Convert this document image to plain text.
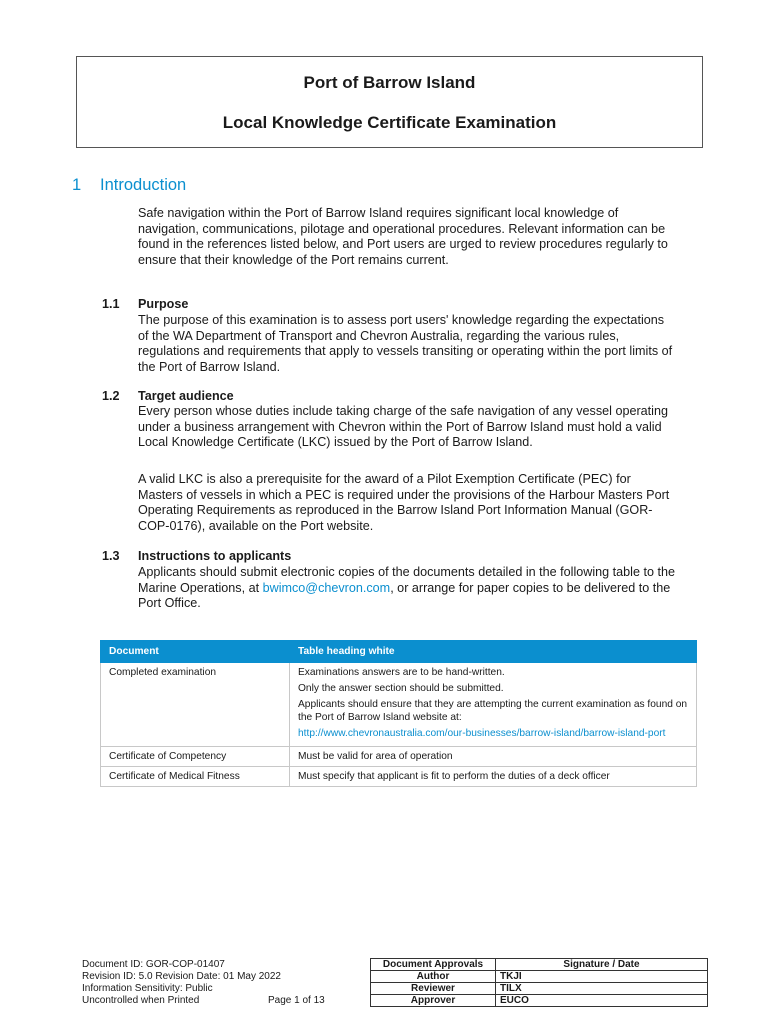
Port of Barrow Island
Local Knowledge Certificate Examination
1 Introduction
Safe navigation within the Port of Barrow Island requires significant local knowledge of navigation, communications, pilotage and operational procedures. Relevant information can be found in the references listed below, and Port users are urged to review procedures regularly to ensure that their knowledge of the Port remains current.
1.1 Purpose
The purpose of this examination is to assess port users' knowledge regarding the expectations of the WA Department of Transport and Chevron Australia, regarding the various rules, regulations and requirements that apply to vessels transiting or operating within the port limits of the Port of Barrow Island.
1.2 Target audience
Every person whose duties include taking charge of the safe navigation of any vessel operating under a business arrangement with Chevron within the Port of Barrow Island must hold a valid Local Knowledge Certificate (LKC) issued by the Port of Barrow Island.
A valid LKC is also a prerequisite for the award of a Pilot Exemption Certificate (PEC) for Masters of vessels in which a PEC is required under the provisions of the Harbour Masters Port Operating Requirements as reproduced in the Barrow Island Port Information Manual (GOR-COP-0176), available on the Port website.
1.3 Instructions to applicants
Applicants should submit electronic copies of the documents detailed in the following table to the Marine Operations, at bwimco@chevron.com, or arrange for paper copies to be delivered to the Port Office.
Document	Table heading white
Completed examination	Examinations answers are to be hand-written.

Only the answer section should be submitted.

Applicants should ensure that they are attempting the current examination as found on the Port of Barrow Island website at:

http://www.chevronaustralia.com/our-businesses/barrow-island/barrow-island-port

Certificate of Competency	Must be valid for area of operation
Certificate of Medical Fitness	Must specify that applicant is fit to perform the duties of a deck officer
Document ID: GOR-COP-01407
Revision ID: 5.0 Revision Date: 01 May 2022
Information Sensitivity: Public
Uncontrolled when Printed	Page 1 of 13
Document Approvals	Signature / Date
Author	TKJI
Reviewer	TILX
Approver	EUCO
